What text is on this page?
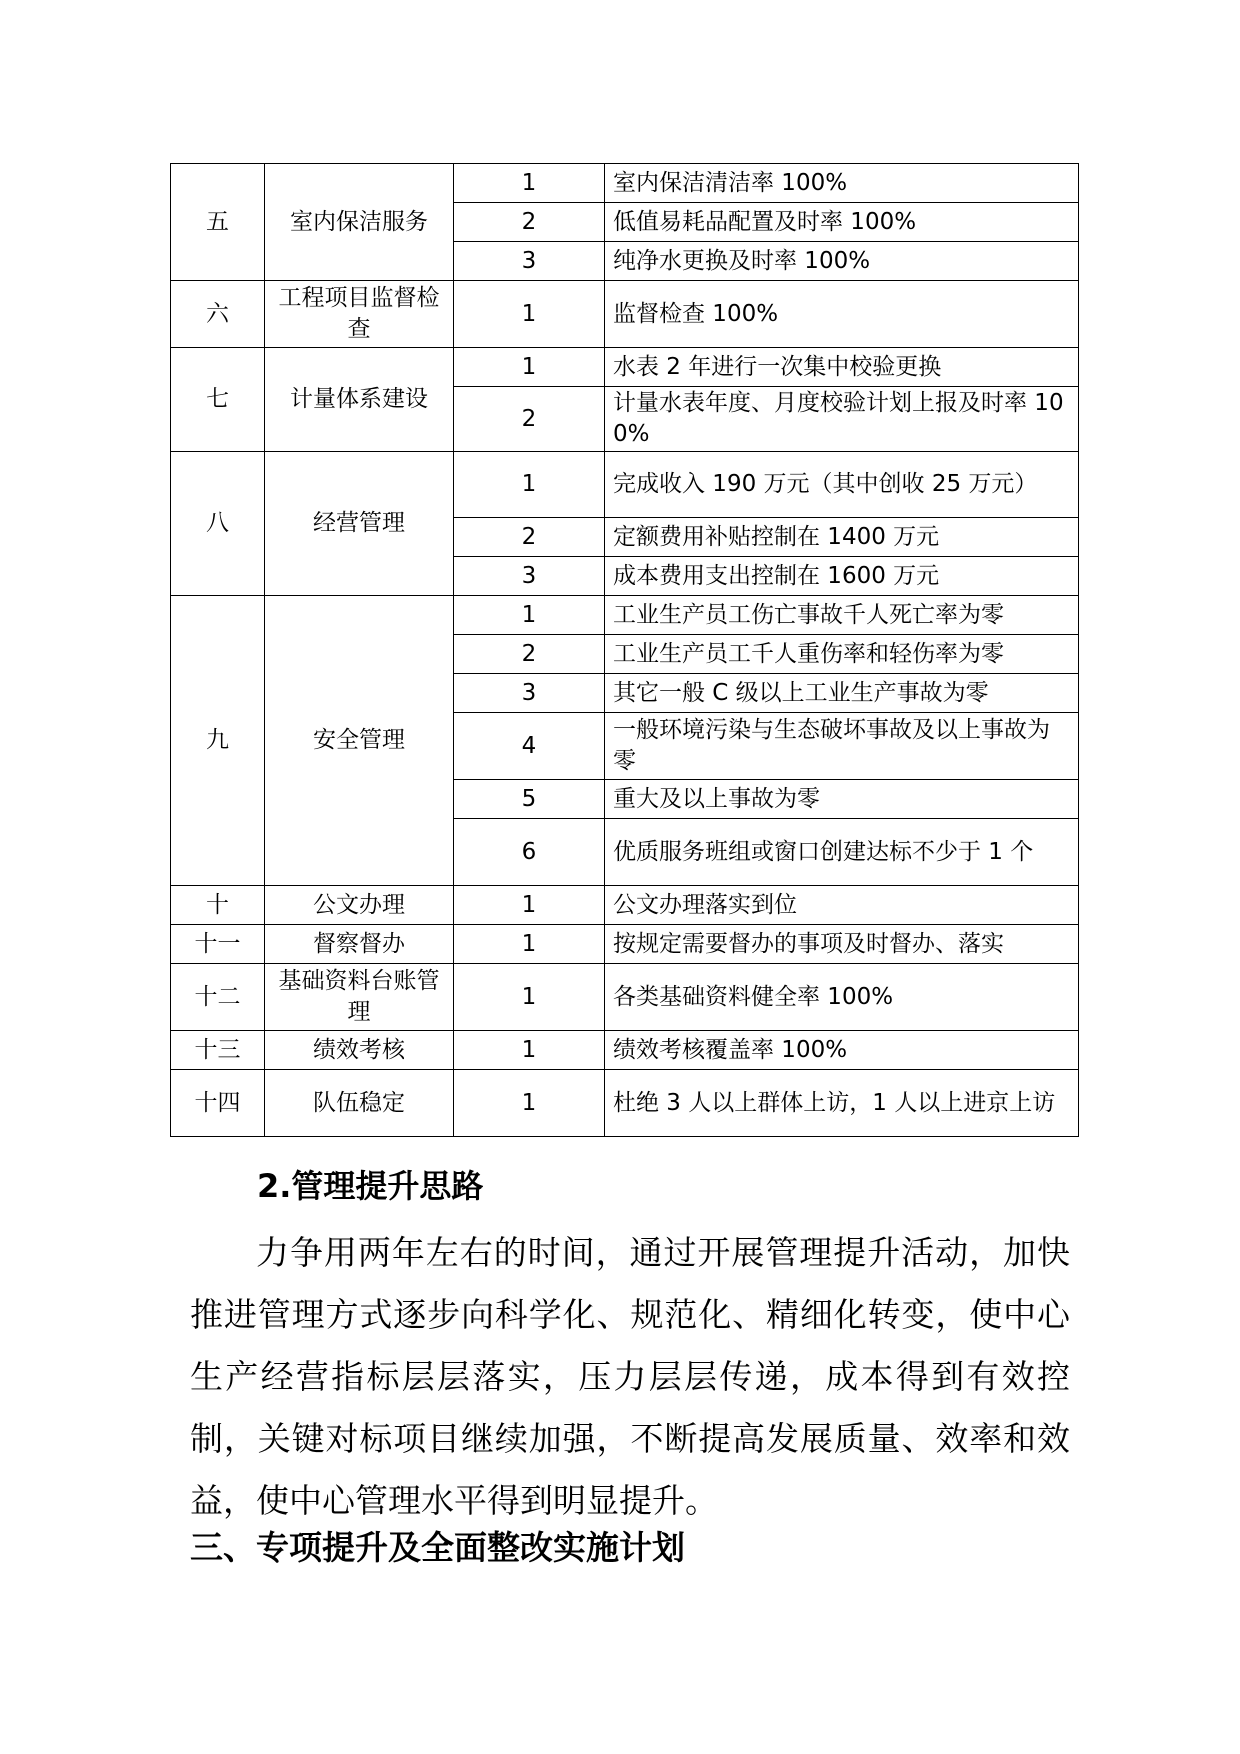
五	室内保洁服务	1	室内保洁清洁率 100%
		2	低值易耗品配置及时率 100%
		3	纯净水更换及时率 100%
六	工程项目监督检查	1	监督检查 100%
七	计量体系建设	1	水表 2 年进行一次集中校验更换
		2	计量水表年度、月度校验计划上报及时率 100%
八	经营管理	1	完成收入 190 万元（其中创收 25 万元）
		2	定额费用补贴控制在 1400 万元
		3	成本费用支出控制在 1600 万元
九	安全管理	1	工业生产员工伤亡事故千人死亡率为零
		2	工业生产员工千人重伤率和轻伤率为零
		3	其它一般 C 级以上工业生产事故为零
		4	一般环境污染与生态破坏事故及以上事故为零
		5	重大及以上事故为零
		6	优质服务班组或窗口创建达标不少于 1 个
十	公文办理	1	公文办理落实到位
十一	督察督办	1	按规定需要督办的事项及时督办、落实
十二	基础资料台账管理	1	各类基础资料健全率 100%
十三	绩效考核	1	绩效考核覆盖率 100%
十四	队伍稳定	1	杜绝 3 人以上群体上访，1 人以上进京上访
2.管理提升思路

力争用两年左右的时间，通过开展管理提升活动，加快推进管理方式逐步向科学化、规范化、精细化转变，使中心生产经营指标层层落实，压力层层传递，成本得到有效控制，关键对标项目继续加强，不断提高发展质量、效率和效益，使中心管理水平得到明显提升。

三、专项提升及全面整改实施计划
